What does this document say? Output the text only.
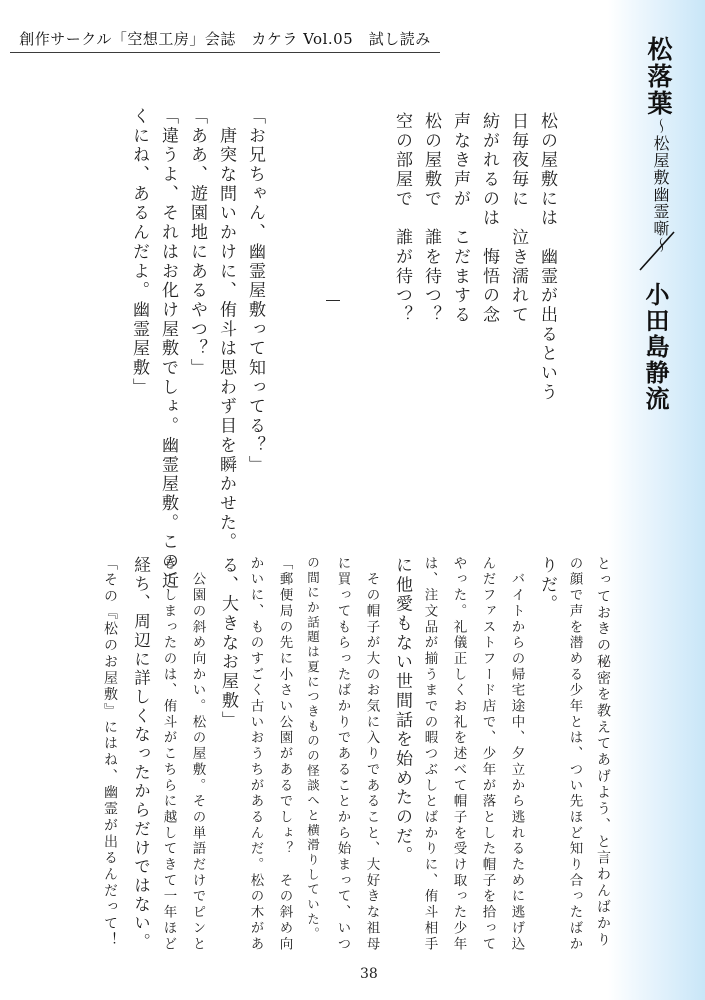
創作サークル「空想工房」会誌　カケラ Vol.05　試し読み	松落葉
〜松屋敷幽霊噺〜
小田島静流
松の屋敷には　幽霊が出るという
日毎夜毎に　泣き濡れて
紡がれるのは　悔悟の念
声なき声が　こだまする
松の屋敷で　誰を待つ？
空の部屋で　誰が待つ？
「お兄ちゃん、幽霊屋敷って知ってる？」
　唐突な問いかけに、侑斗は思わず目を瞬かせた。
「ああ、遊園地にあるやつ？」
「違うよ、それはお化け屋敷でしょ。幽霊屋敷。この近
くにね、あるんだよ。幽霊屋敷」
とっておきの秘密を教えてあげよう、と言わんばかり
の顔で声を潜める少年とは、つい先ほど知り合ったばか
りだ。
　バイトからの帰宅途中、夕立から逃れるために逃げ込
んだファストフード店で、少年が落とした帽子を拾って
やった。礼儀正しくお礼を述べて帽子を受け取った少年
は、注文品が揃うまでの暇つぶしとばかりに、侑斗相手
に他愛もない世間話を始めたのだ。
　その帽子が大のお気に入りであること、大好きな祖母
に買ってもらったばかりであることから始まって、いつ
の間にか話題は夏につきものの怪談へと横滑りしていた。
「郵便局の先に小さい公園があるでしょ？　その斜め向
かいに、ものすごく古いおうちがあるんだ。松の木があ
る、大きなお屋敷」
　公園の斜め向かい。松の屋敷。その単語だけでピンと
きてしまったのは、侑斗がこちらに越してきて一年ほど
経ち、周辺に詳しくなったからだけではない。
「その『松のお屋敷』にはね、幽霊が出るんだって！
38
